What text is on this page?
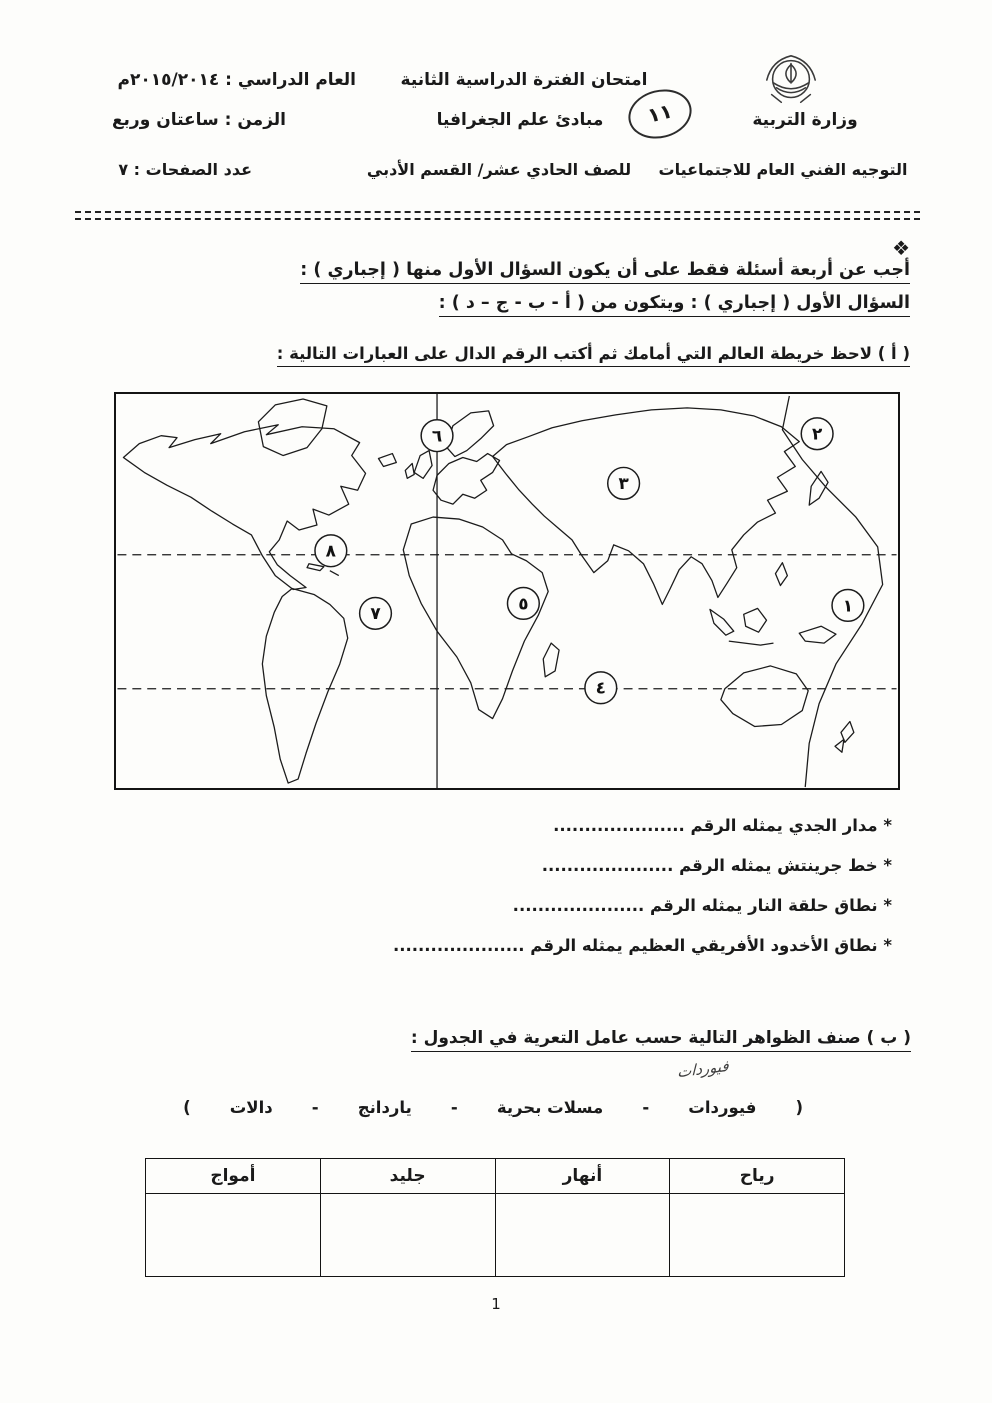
وزارة التربية
التوجيه الفني العام للاجتماعيات
امتحان الفترة الدراسية الثانية
مبادئ علم الجغرافيا
للصف الحادي عشر/ القسم الأدبي
العام الدراسي : ٢٠١٥/٢٠١٤م
الزمن : ساعتان وربع
عدد الصفحات : ٧
١١
❖أجب عن أربعة أسئلة فقط على أن يكون السؤال الأول منها ( إجباري ) :
السؤال الأول ( إجباري ) : ويتكون من ( أ - ب - ج – د ) :
( أ ) لاحظ خريطة العالم التي أمامك ثم أكتب الرقم الدال على العبارات التالية :
١
٢
٣
٤
٥
٦
٧
٨
* مدار الجدي يمثله الرقم .....................
* خط جرينتش يمثله الرقم .....................
* نطاق حلقة النار يمثله الرقم .....................
* نطاق الأخدود الأفريقي العظيم يمثله الرقم .....................
( ب ) صنف الظواهر التالية حسب عامل التعرية في الجدول :
فيوردات
(
فيوردات
-
مسلات بحرية
-
ياردانج
-
دالات
)
رياح	أنهار	جليد	أمواج

1
